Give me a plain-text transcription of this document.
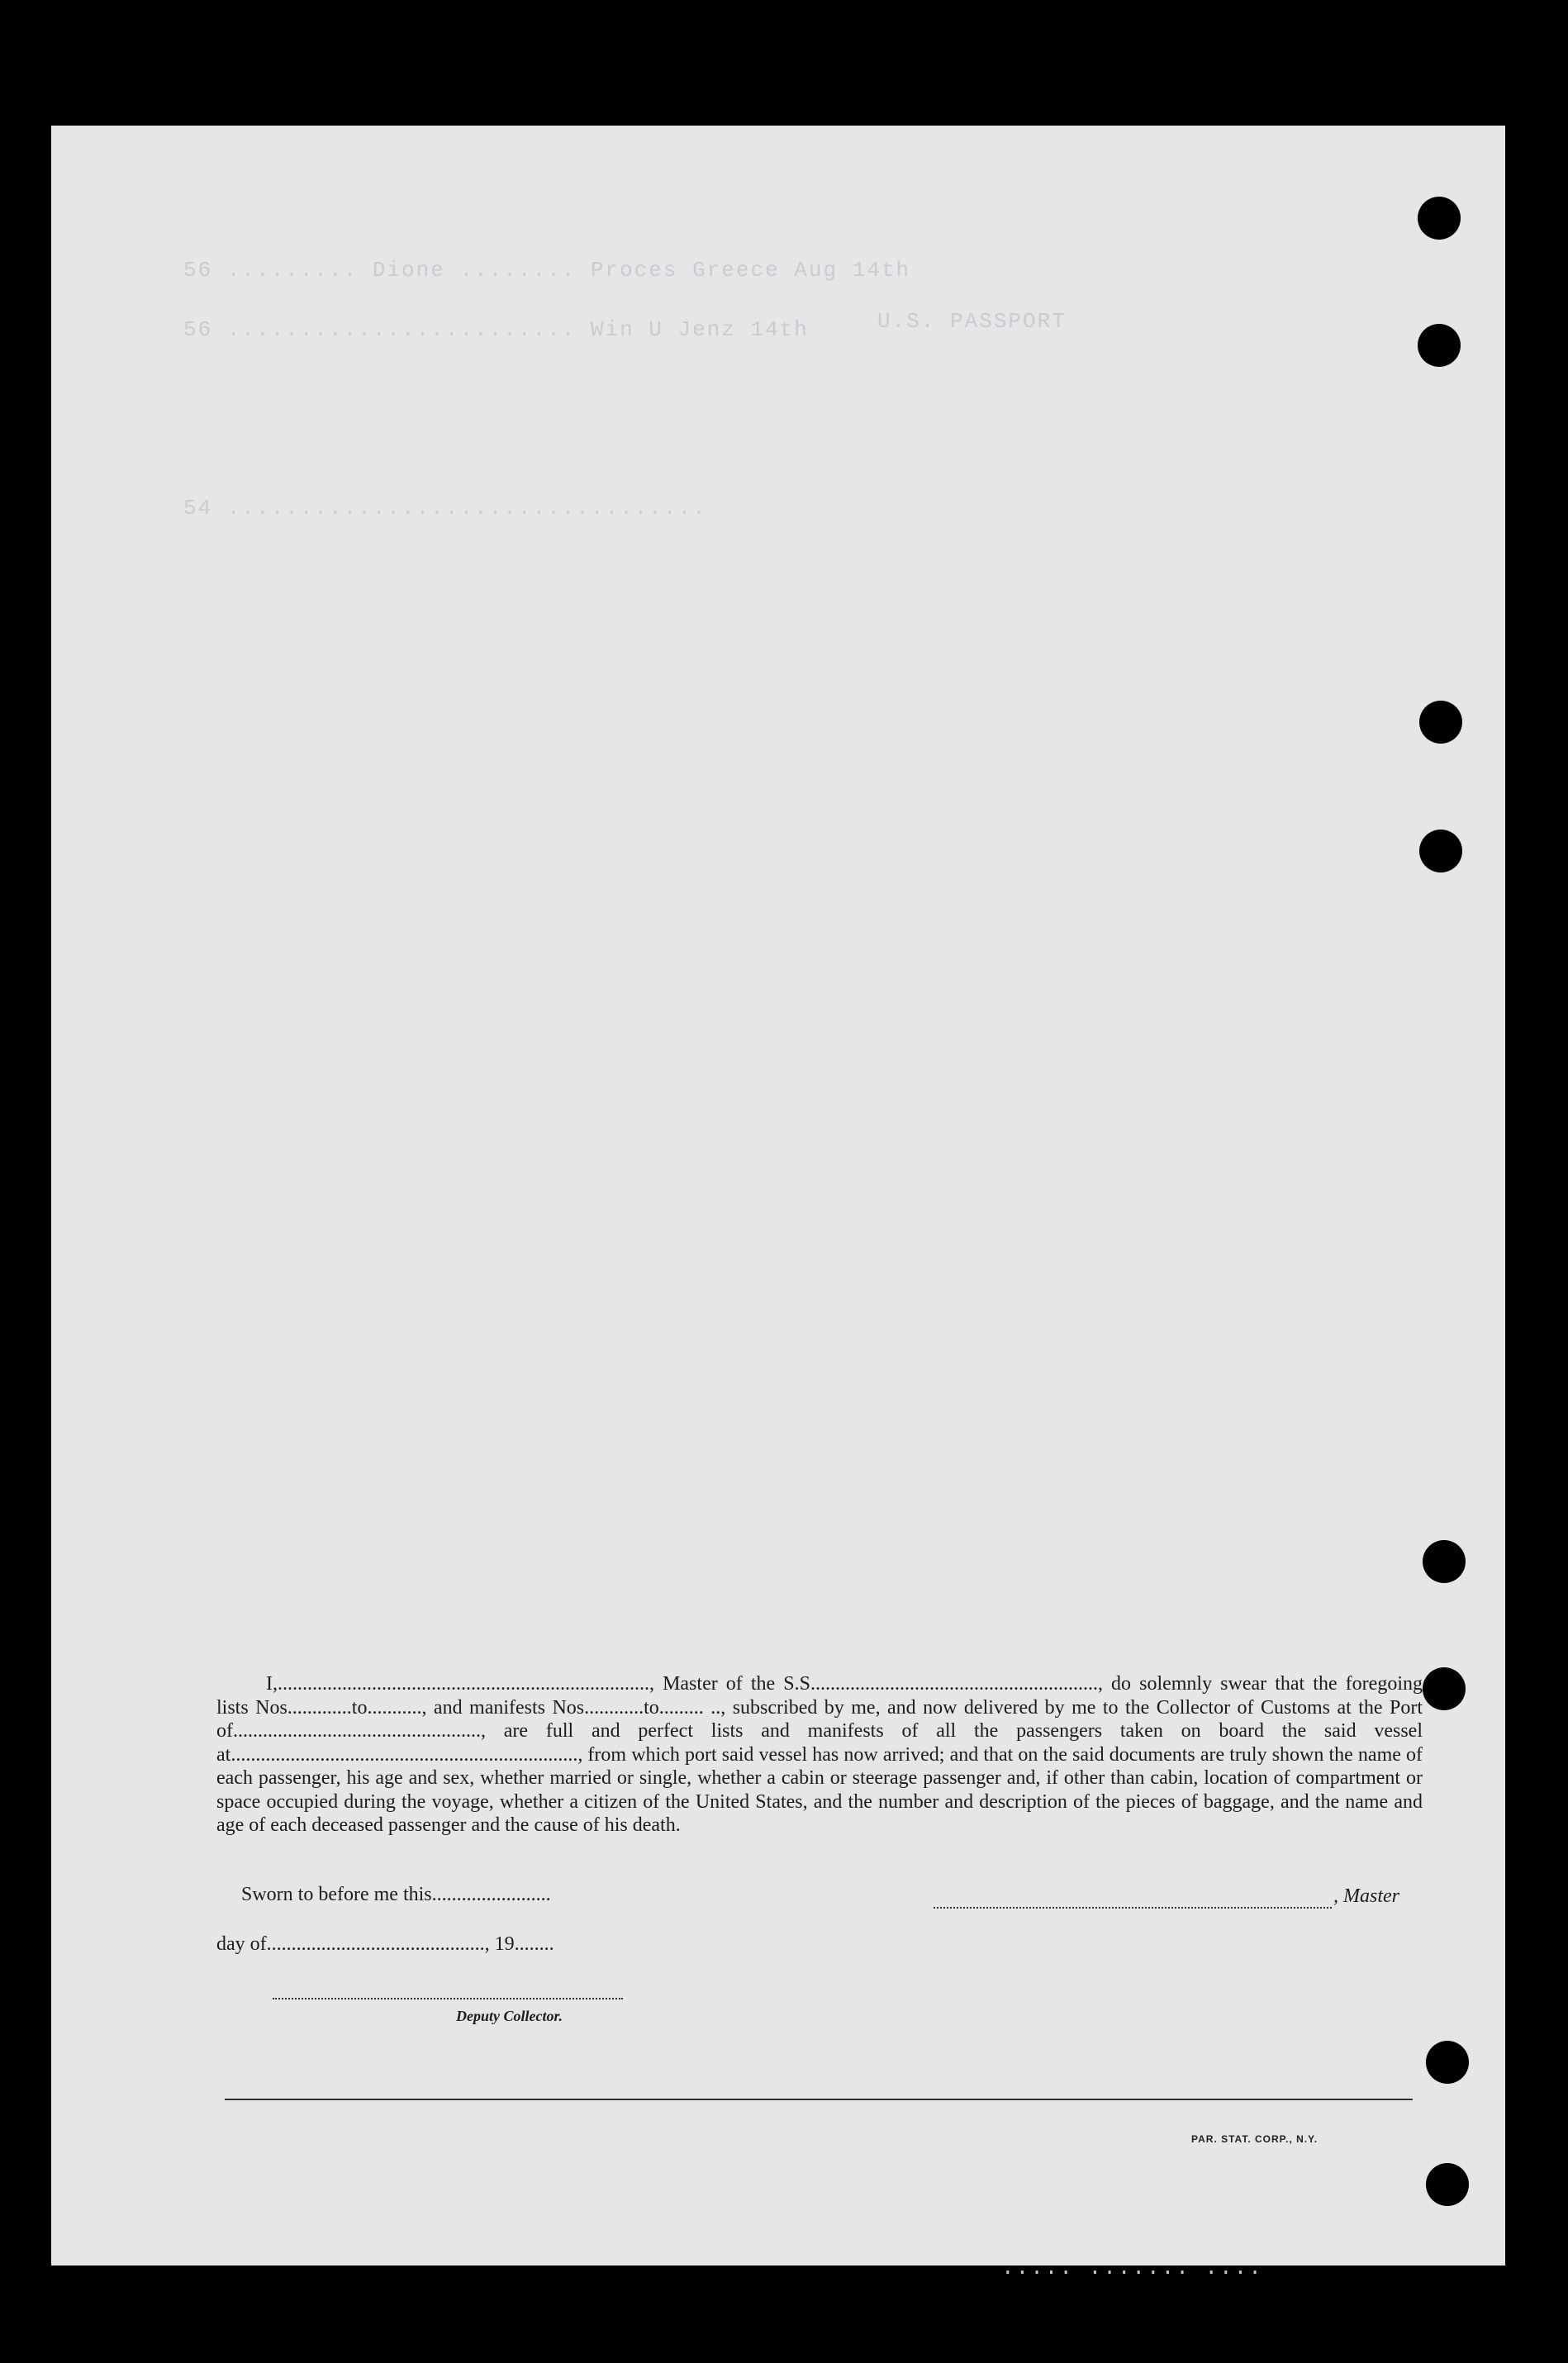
56 ......... Dione ........ Proces Greece Aug 14th
56 ........................ Win U Jenz 14th	U.S. PASSPORT
54 .................................
..... ....... ....

I,..........................................................................., Master of the S.S.........................................................., do solemnly swear that the foregoing lists Nos.............to..........., and manifests Nos............to......... .., subscribed by me, and now delivered by me to the Collector of Customs at the Port of.................................................., are full and perfect lists and manifests of all the passengers taken on board the said vessel at......................................................................, from which port said vessel has now arrived; and that on the said documents are truly shown the name of each passenger, his age and sex, whether married or single, whether a cabin or steerage passenger and, if other than cabin, location of compartment or space occupied during the voyage, whether a citizen of the United States, and the number and description of the pieces of baggage, and the name and age of each deceased passenger and the cause of his death.

Sworn to before me this........................	, Master
day of............................................, 19........
Deputy Collector.
PAR. STAT. CORP., N.Y.
